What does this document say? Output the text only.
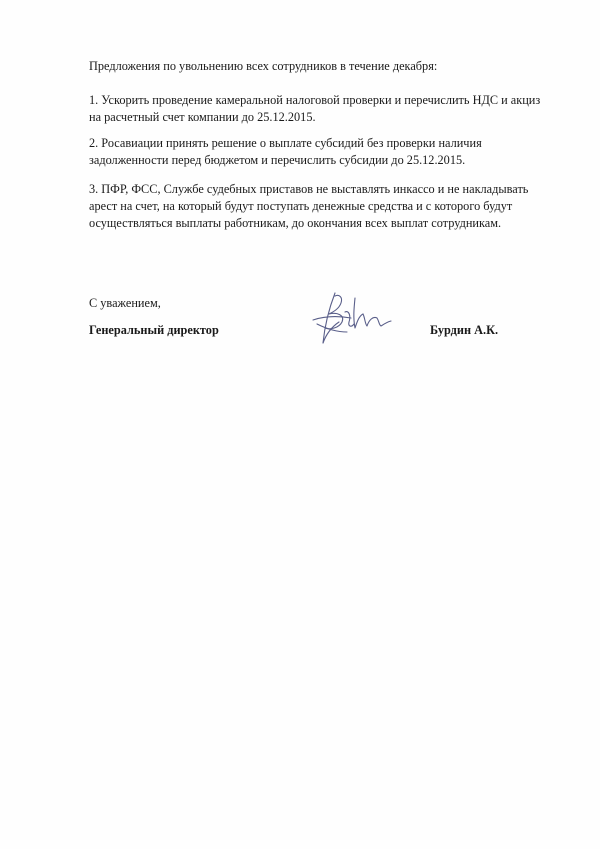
Предложения по увольнению всех сотрудников в течение декабря:
1. Ускорить проведение камеральной налоговой проверки и перечислить НДС и акциз на расчетный счет компании до 25.12.2015.
2. Росавиации принять решение о выплате субсидий без проверки наличия задолженности перед бюджетом и перечислить субсидии до 25.12.2015.
3. ПФР, ФСС, Службе судебных приставов не выставлять инкассо и не накладывать арест на счет, на который будут поступать денежные средства и с которого будут осуществляться выплаты работникам, до окончания всех выплат сотрудникам.
С уважением,
Генеральный директор	Бурдин А.К.
